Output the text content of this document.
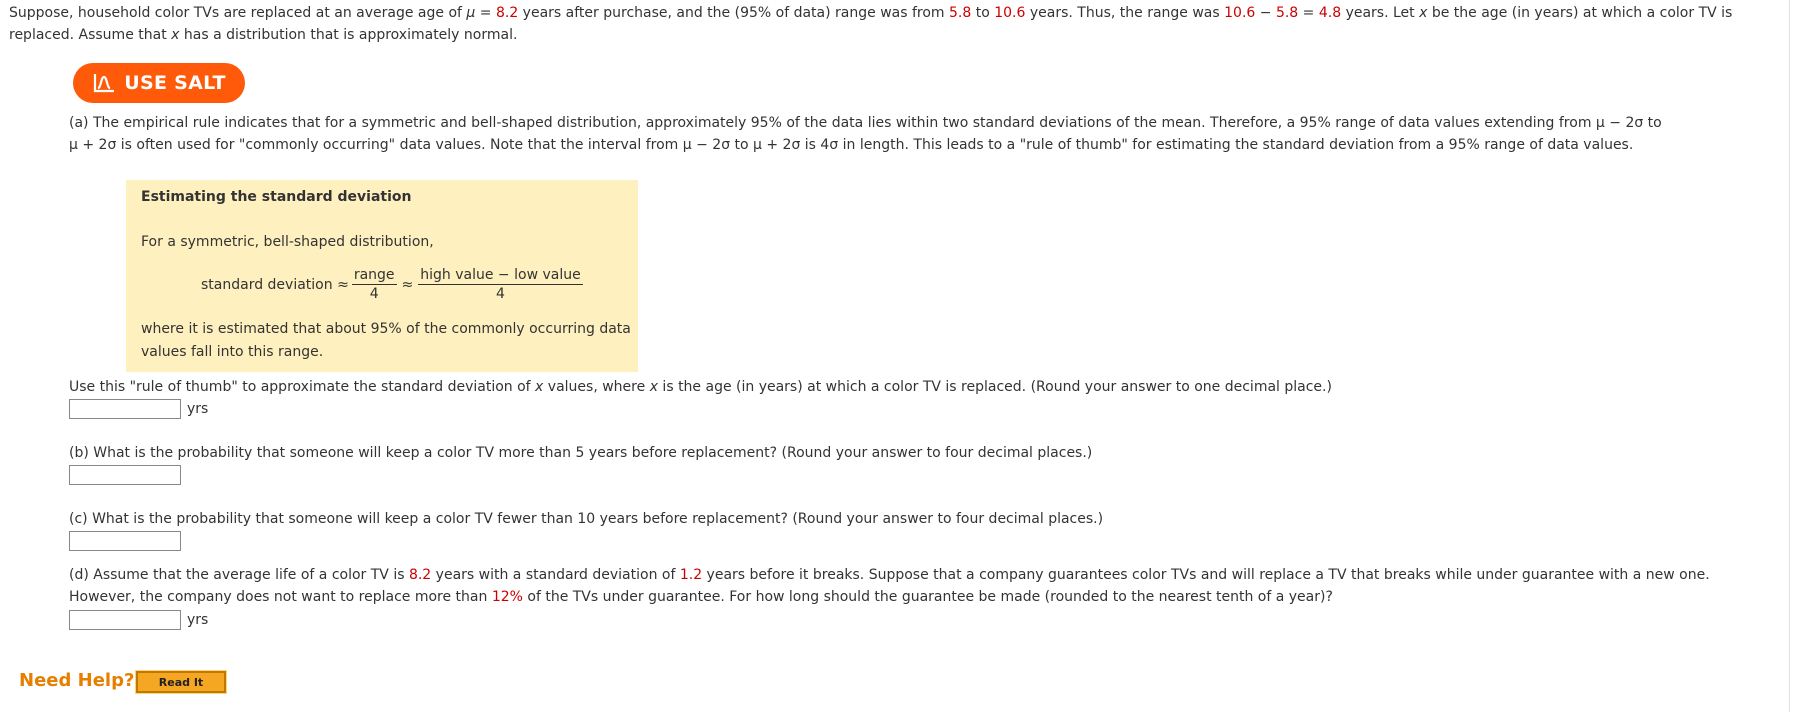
Suppose, household color TVs are replaced at an average age of μ = 8.2 years after purchase, and the (95% of data) range was from 5.8 to 10.6 years. Thus, the range was 10.6 − 5.8 = 4.8 years. Let x be the age (in years) at which a color TV is replaced. Assume that x has a distribution that is approximately normal.
USE SALT
(a) The empirical rule indicates that for a symmetric and bell-shaped distribution, approximately 95% of the data lies within two standard deviations of the mean. Therefore, a 95% range of data values extending from μ − 2σ to
μ + 2σ is often used for "commonly occurring" data values. Note that the interval from μ − 2σ to μ + 2σ is 4σ in length. This leads to a "rule of thumb" for estimating the standard deviation from a 95% range of data values.
Estimating the standard deviation
For a symmetric, bell-shaped distribution,
standard deviation ≈ $\frac{\text{range}}{4} \approx \frac{\text{high value − low value}}{4}$
where it is estimated that about 95% of the commonly occurring data values fall into this range.
Use this "rule of thumb" to approximate the standard deviation of x values, where x is the age (in years) at which a color TV is replaced. (Round your answer to one decimal place.)
yrs
(b) What is the probability that someone will keep a color TV more than 5 years before replacement? (Round your answer to four decimal places.)
(c) What is the probability that someone will keep a color TV fewer than 10 years before replacement? (Round your answer to four decimal places.)
(d) Assume that the average life of a color TV is 8.2 years with a standard deviation of 1.2 years before it breaks. Suppose that a company guarantees color TVs and will replace a TV that breaks while under guarantee with a new one. However, the company does not want to replace more than 12% of the TVs under guarantee. For how long should the guarantee be made (rounded to the nearest tenth of a year)?
yrs
Need Help?	Read It
